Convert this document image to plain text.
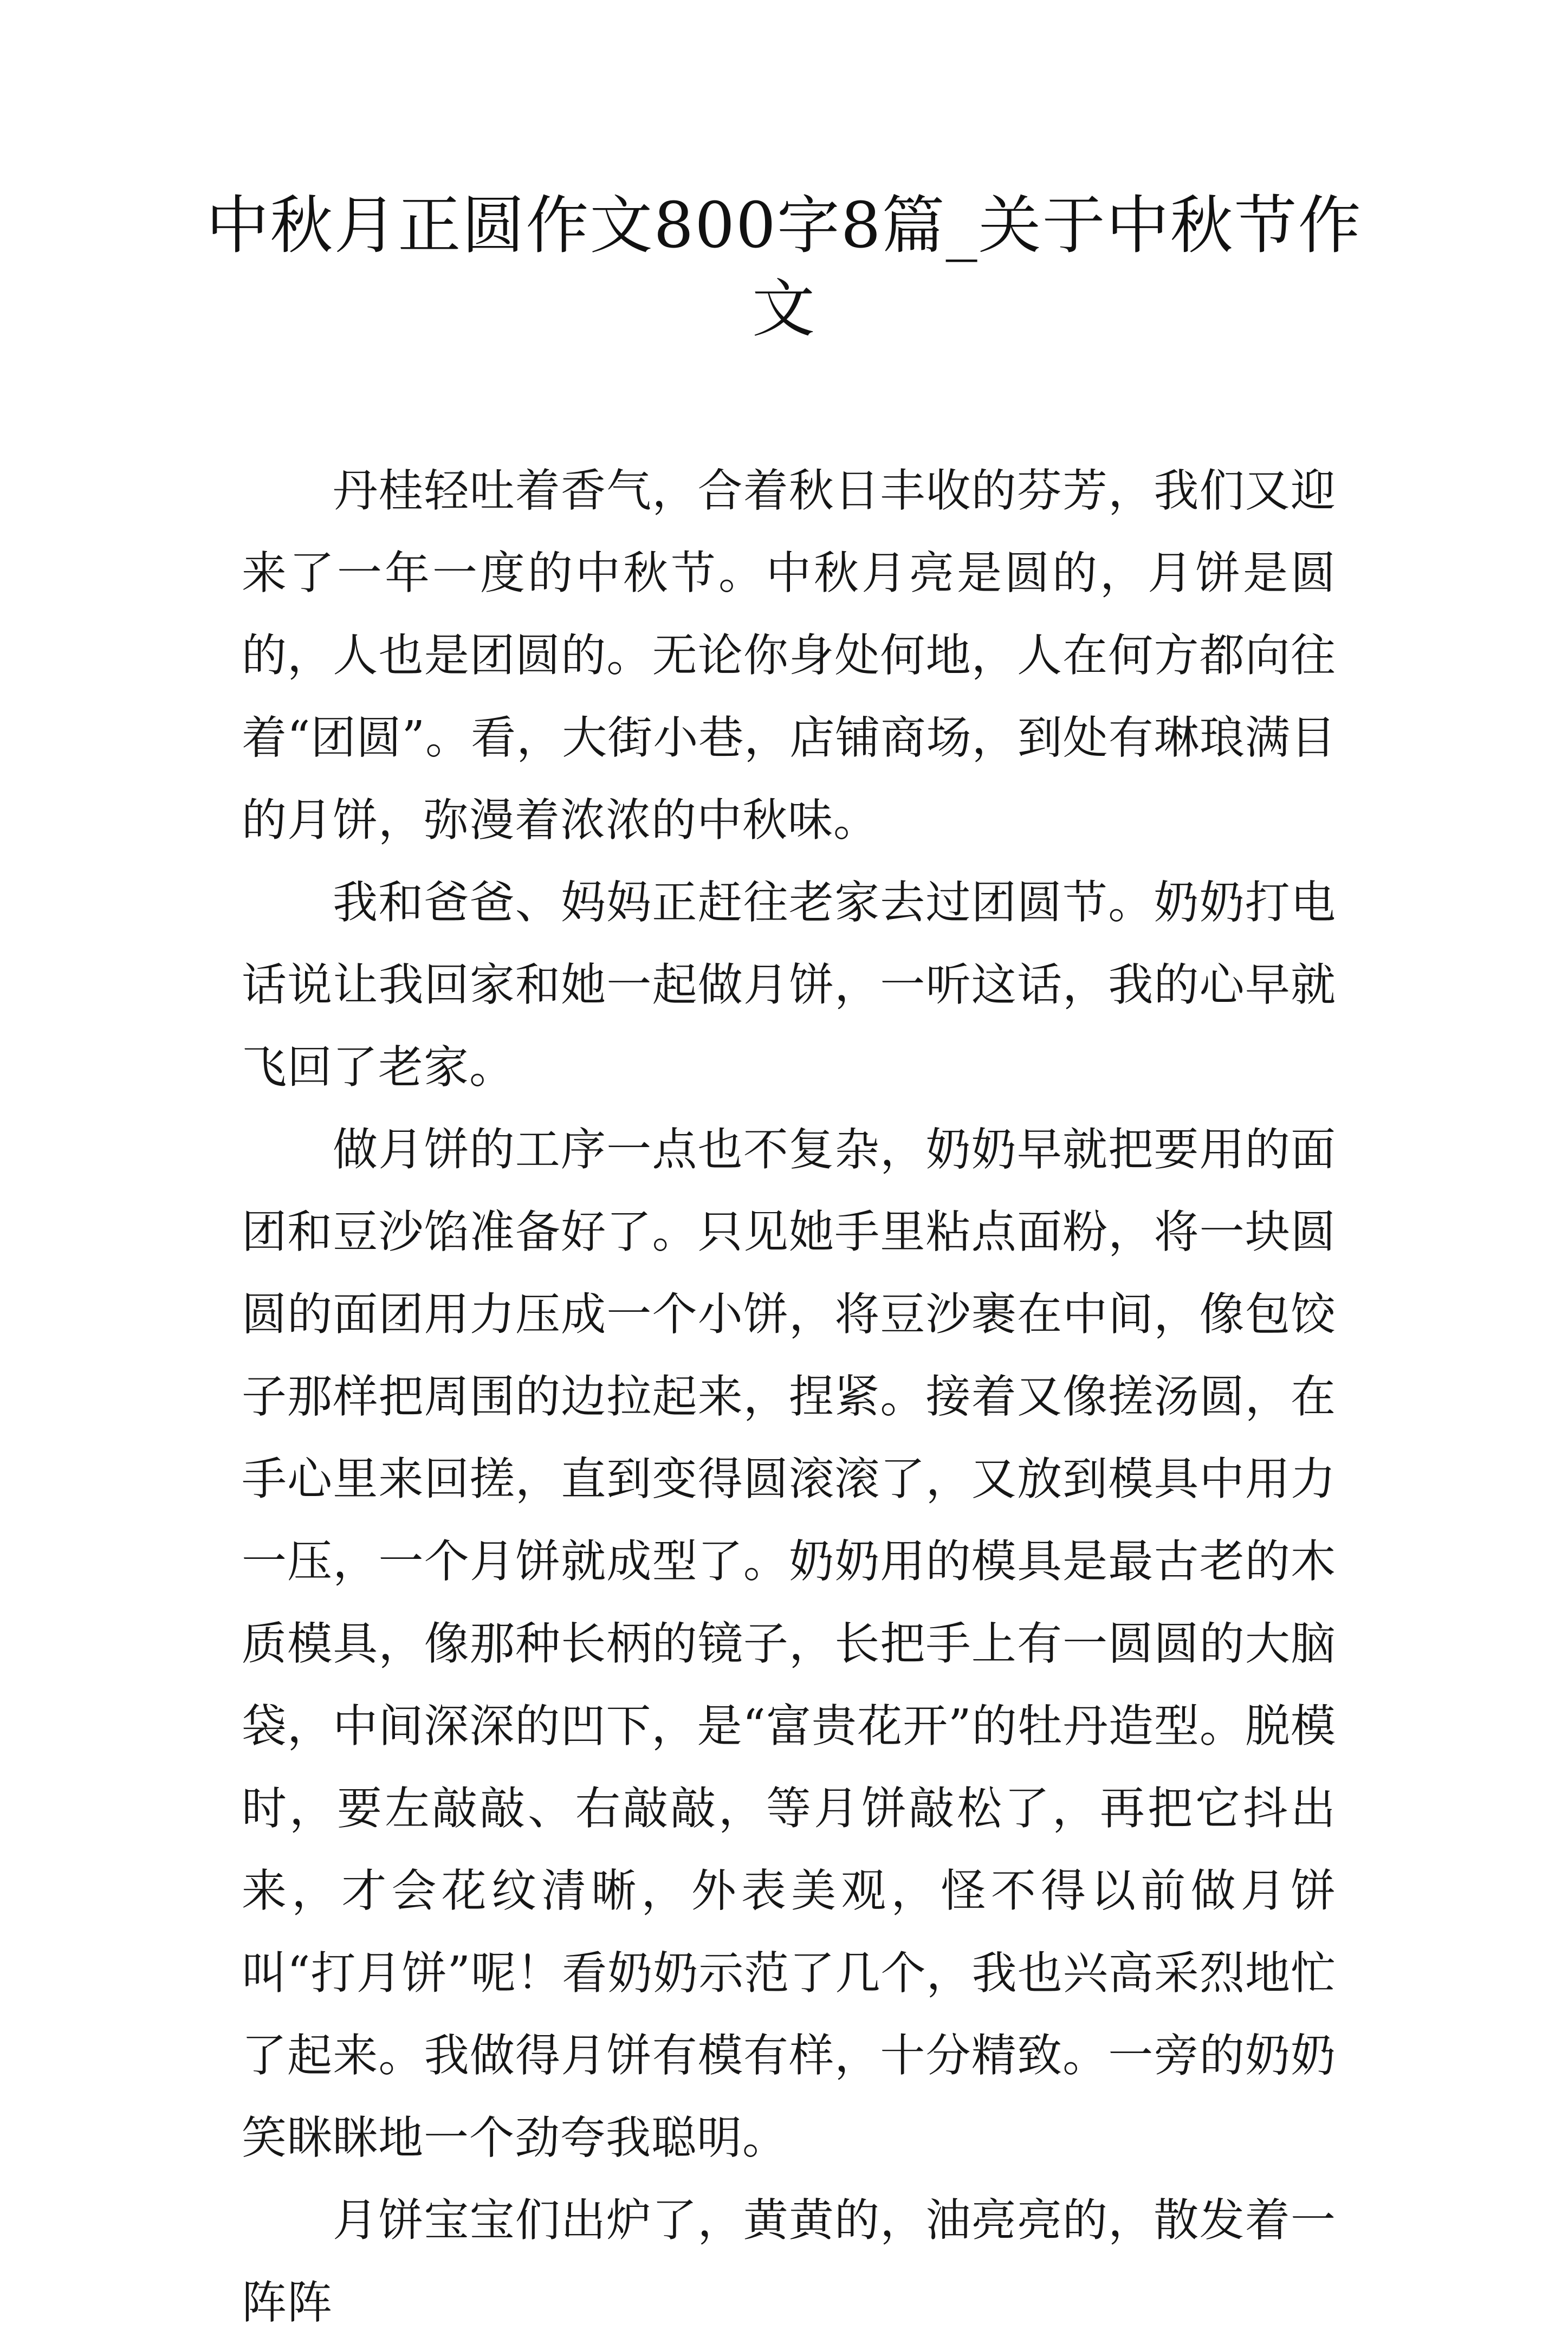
中秋月正圆作文800字8篇_关于中秋节作文

丹桂轻吐着香气，合着秋日丰收的芬芳，我们又迎来了一年一度的中秋节。中秋月亮是圆的，月饼是圆的，人也是团圆的。无论你身处何地，人在何方都向往着“团圆”。看，大街小巷，店铺商场，到处有琳琅满目的月饼，弥漫着浓浓的中秋味。

我和爸爸、妈妈正赶往老家去过团圆节。奶奶打电话说让我回家和她一起做月饼，一听这话，我的心早就飞回了老家。

做月饼的工序一点也不复杂，奶奶早就把要用的面团和豆沙馅准备好了。只见她手里粘点面粉，将一块圆圆的面团用力压成一个小饼，将豆沙裹在中间，像包饺子那样把周围的边拉起来，捏紧。接着又像搓汤圆，在手心里来回搓，直到变得圆滚滚了，又放到模具中用力一压，一个月饼就成型了。奶奶用的模具是最古老的木质模具，像那种长柄的镜子，长把手上有一圆圆的大脑袋，中间深深的凹下，是“富贵花开”的牡丹造型。脱模时，要左敲敲、右敲敲，等月饼敲松了，再把它抖出来，才会花纹清晰，外表美观，怪不得以前做月饼叫“打月饼”呢！看奶奶示范了几个，我也兴高采烈地忙了起来。我做得月饼有模有样，十分精致。一旁的奶奶笑眯眯地一个劲夸我聪明。

月饼宝宝们出炉了，黄黄的，油亮亮的，散发着一阵阵
